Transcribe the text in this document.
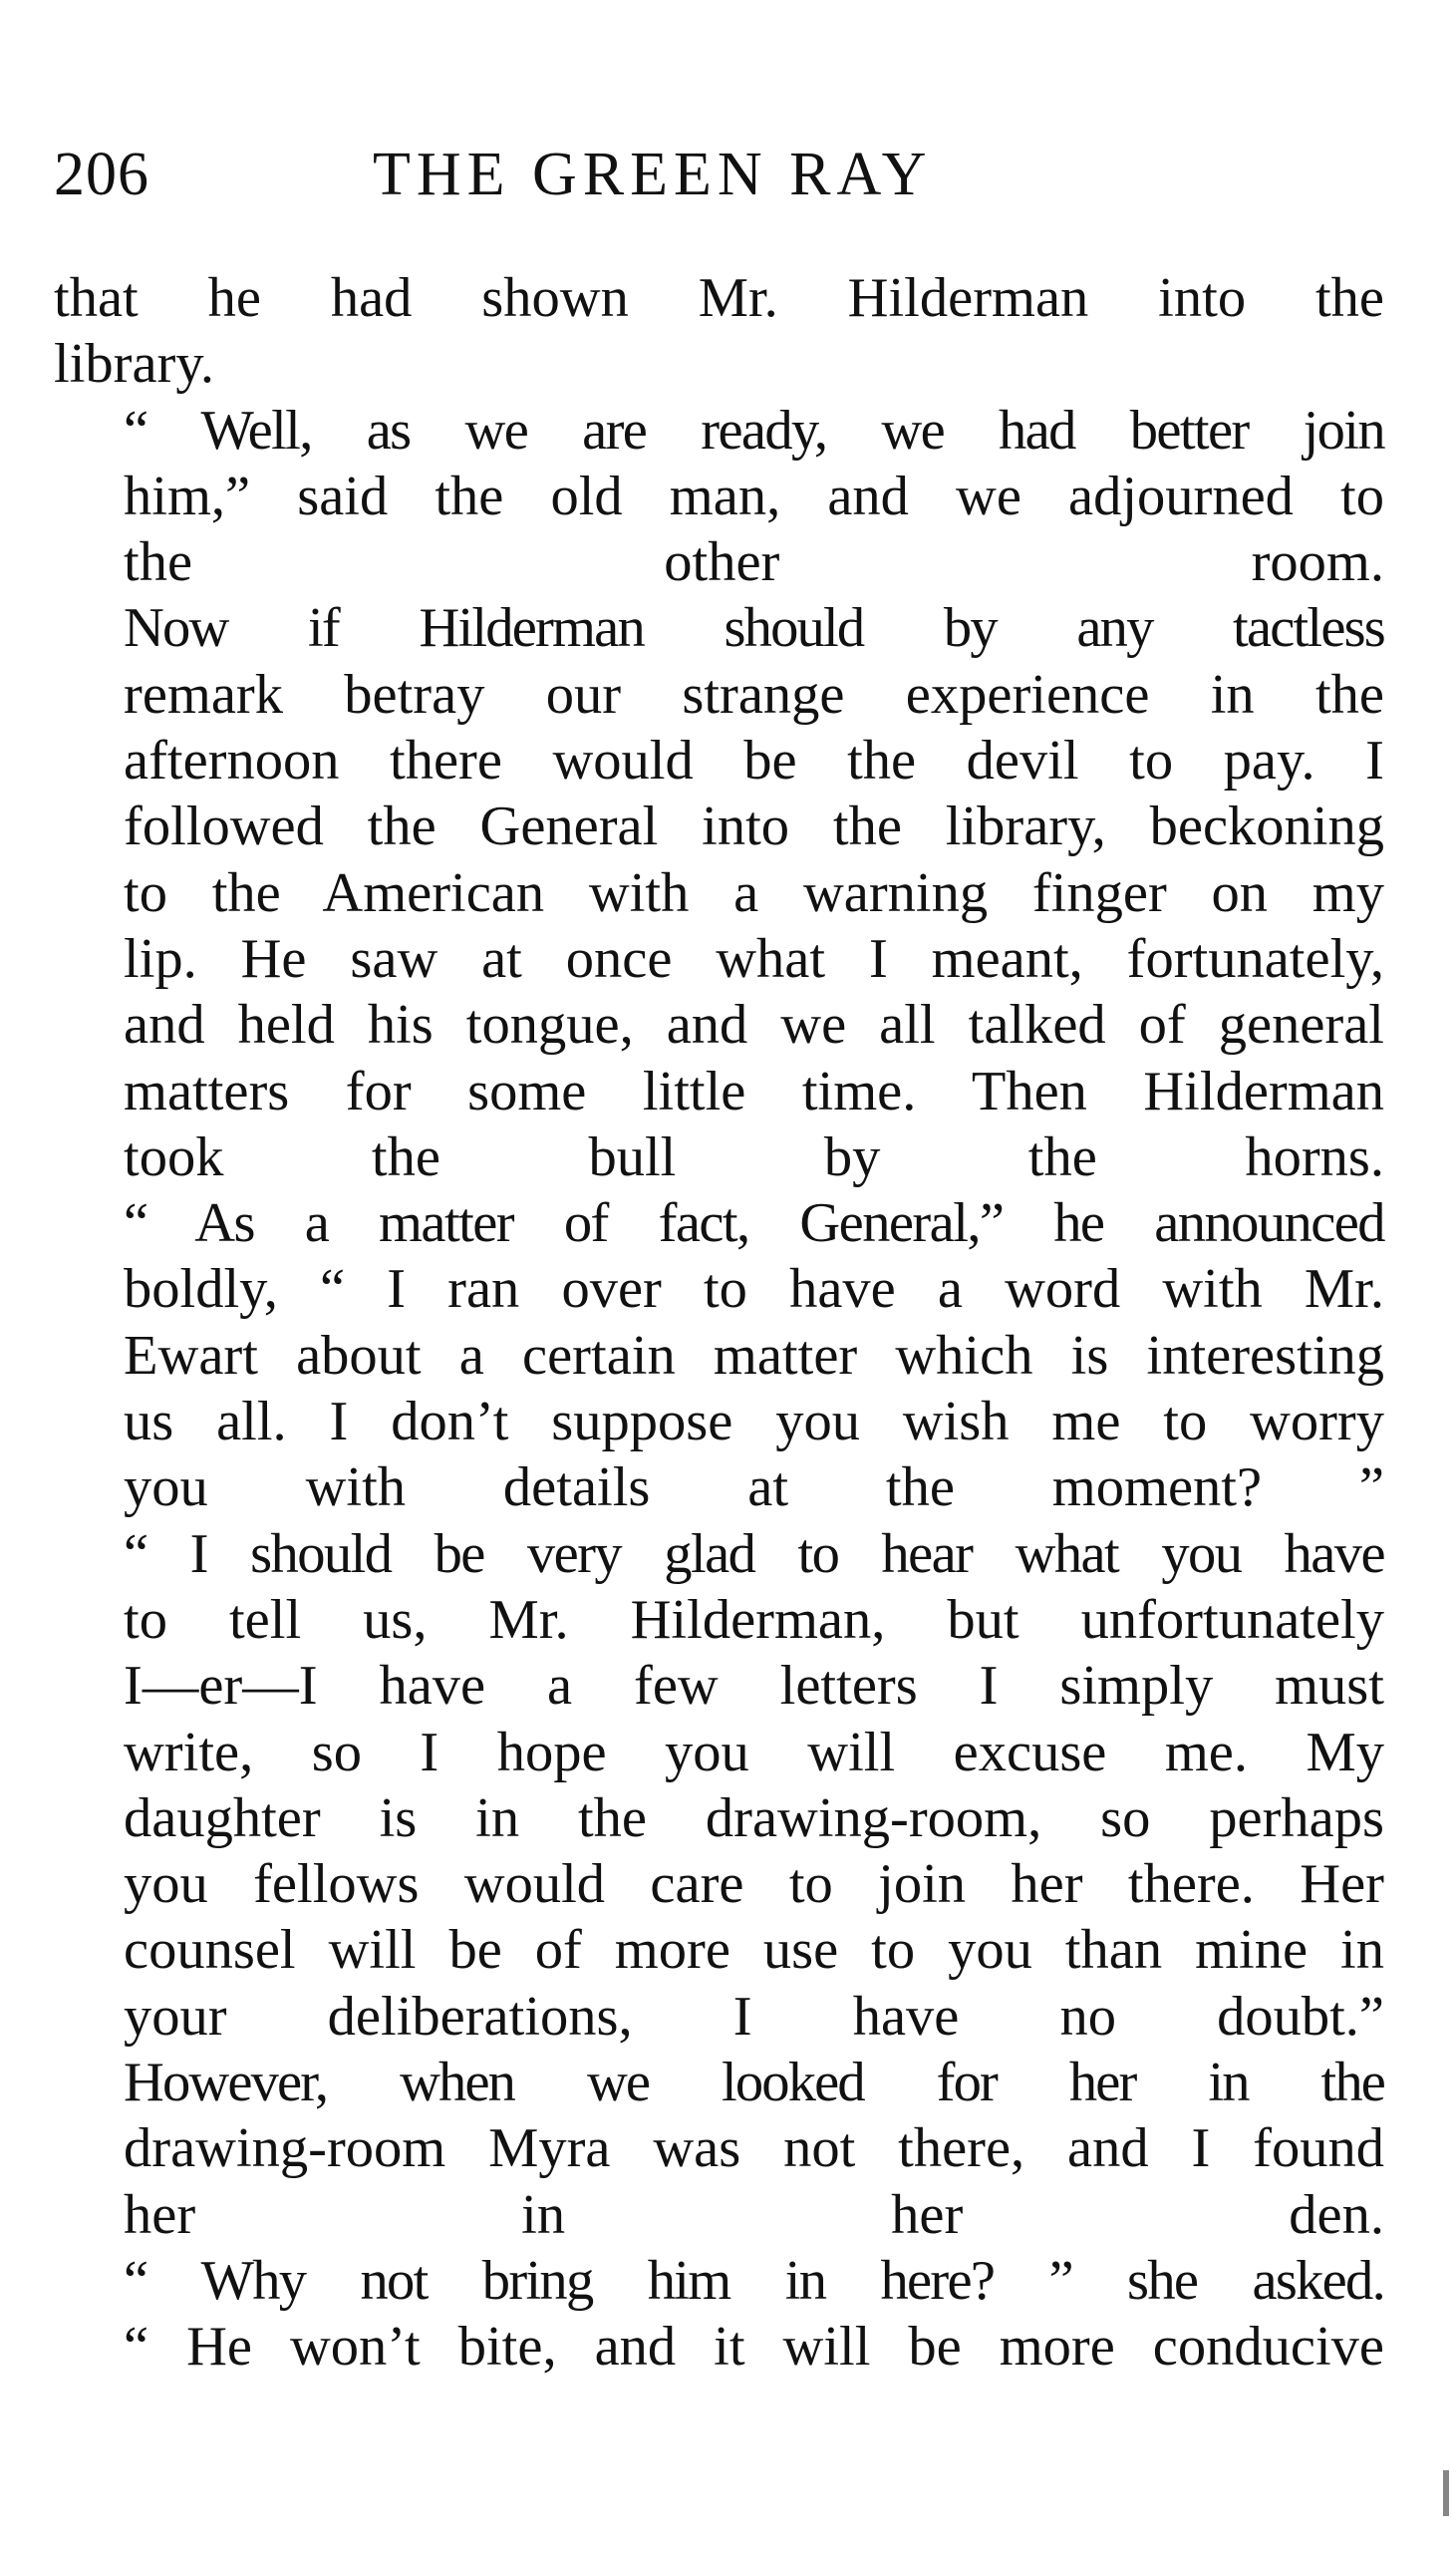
206	THE GREEN RAY

that he had shown Mr. Hilderman into the
library.

“ Well, as we are ready, we had better join
him,” said the old man, and we adjourned to
the other room.

Now if Hilderman should by any tactless
remark betray our strange experience in the
afternoon there would be the devil to pay. I
followed the General into the library, beckoning
to the American with a warning finger on my
lip. He saw at once what I meant, fortunately,
and held his tongue, and we all talked of general
matters for some little time. Then Hilderman
took the bull by the horns.

“ As a matter of fact, General,” he announced
boldly, “ I ran over to have a word with Mr.
Ewart about a certain matter which is interesting
us all. I don’t suppose you wish me to worry
you with details at the moment? ”

“ I should be very glad to hear what you have
to tell us, Mr. Hilderman, but unfortunately
I—er—I have a few letters I simply must
write, so I hope you will excuse me. My
daughter is in the drawing-room, so perhaps
you fellows would care to join her there. Her
counsel will be of more use to you than mine in
your deliberations, I have no doubt.”

However, when we looked for her in the
drawing-room Myra was not there, and I found
her in her den.

“ Why not bring him in here? ” she asked.
“ He won’t bite, and it will be more conducive
